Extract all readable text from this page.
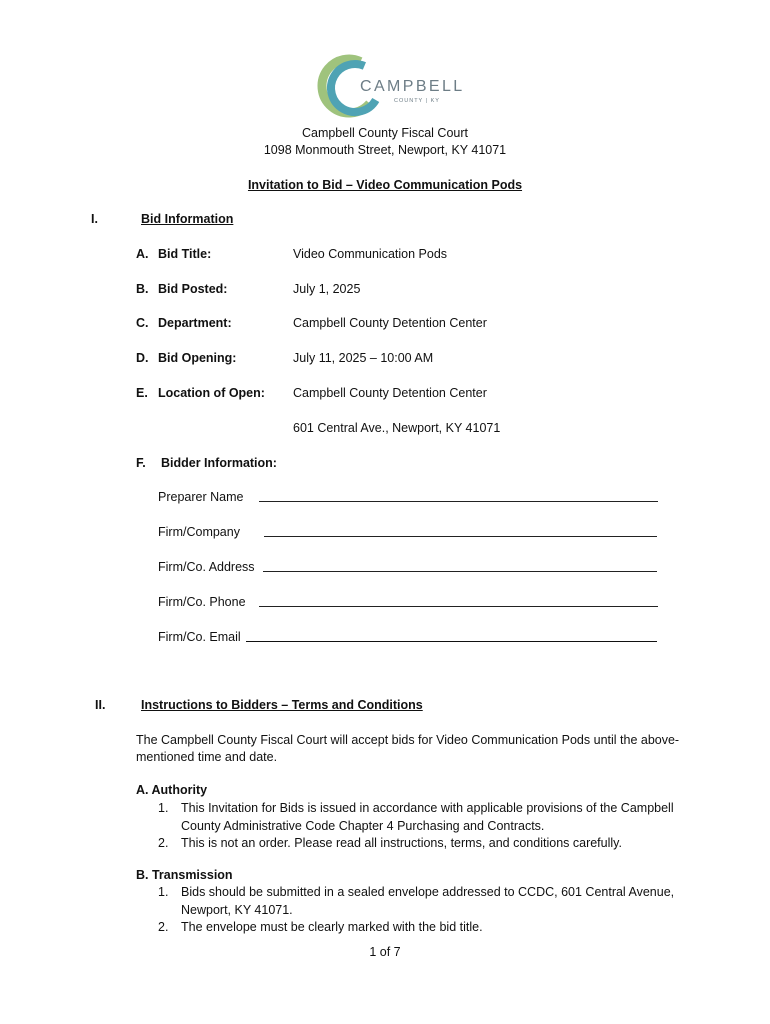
CAMPBELL
COUNTY | KY
Campbell County Fiscal Court
1098 Monmouth Street, Newport, KY 41071
Invitation to Bid – Video Communication Pods
I.	Bid Information
A. Bid Title:	Video Communication Pods
B. Bid Posted:	July 1, 2025
C. Department:	Campbell County Detention Center
D. Bid Opening:	July 11, 2025 – 10:00 AM
E. Location of Open: Campbell County Detention Center
601 Central Ave., Newport, KY 41071
F. Bidder Information:
Preparer Name
Firm/Company
Firm/Co. Address
Firm/Co. Phone
Firm/Co. Email
II.	Instructions to Bidders – Terms and Conditions
The Campbell County Fiscal Court will accept bids for Video Communication Pods until the above-
mentioned time and date.
A. Authority
1. This Invitation for Bids is issued in accordance with applicable provisions of the Campbell
County Administrative Code Chapter 4 Purchasing and Contracts.
2. This is not an order. Please read all instructions, terms, and conditions carefully.
B. Transmission
1. Bids should be submitted in a sealed envelope addressed to CCDC, 601 Central Avenue,
Newport, KY 41071.
2. The envelope must be clearly marked with the bid title.
1 of 7
